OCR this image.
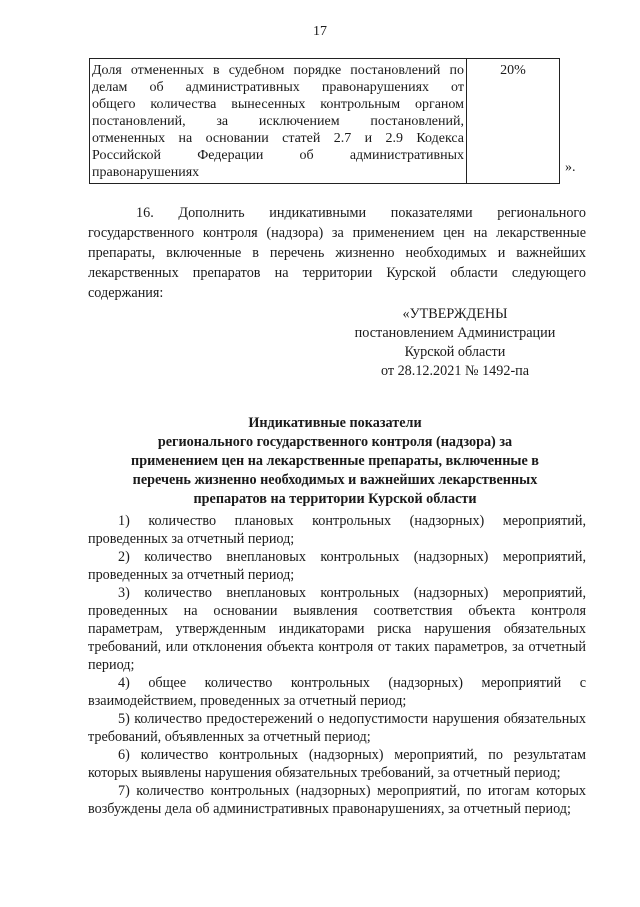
17
Доля отмененных в судебном порядке постановлений по
делам об административных правонарушениях от
общего количества вынесенных контрольным органом
постановлений, за исключением постановлений,
отмененных на основании статей 2.7 и 2.9 Кодекса
Российской Федерации об административных
правонарушениях
	20%
».

16. Дополнить индикативными показателями регионального государственного контроля (надзора) за применением цен на лекарственные препараты, включенные в перечень жизненно необходимых и важнейших лекарственных препаратов на территории Курской области следующего содержания:

«УТВЕРЖДЕНЫ
постановлением Администрации
Курской области
от 28.12.2021 № 1492-па
Индикативные показатели
регионального государственного контроля (надзора) за
применением цен на лекарственные препараты, включенные в
перечень жизненно необходимых и важнейших лекарственных
препаратов на территории Курской области

1) количество плановых контрольных (надзорных) мероприятий, проведенных за отчетный период;

2) количество внеплановых контрольных (надзорных) мероприятий, проведенных за отчетный период;

3) количество внеплановых контрольных (надзорных) мероприятий, проведенных на основании выявления соответствия объекта контроля параметрам, утвержденным индикаторами риска нарушения обязательных требований, или отклонения объекта контроля от таких параметров, за отчетный период;

4) общее количество контрольных (надзорных) мероприятий с взаимодействием, проведенных за отчетный период;

5) количество предостережений о недопустимости нарушения обязательных требований, объявленных за отчетный период;

6) количество контрольных (надзорных) мероприятий, по результатам которых выявлены нарушения обязательных требований, за отчетный период;

7) количество контрольных (надзорных) мероприятий, по итогам которых возбуждены дела об административных правонарушениях, за отчетный период;
